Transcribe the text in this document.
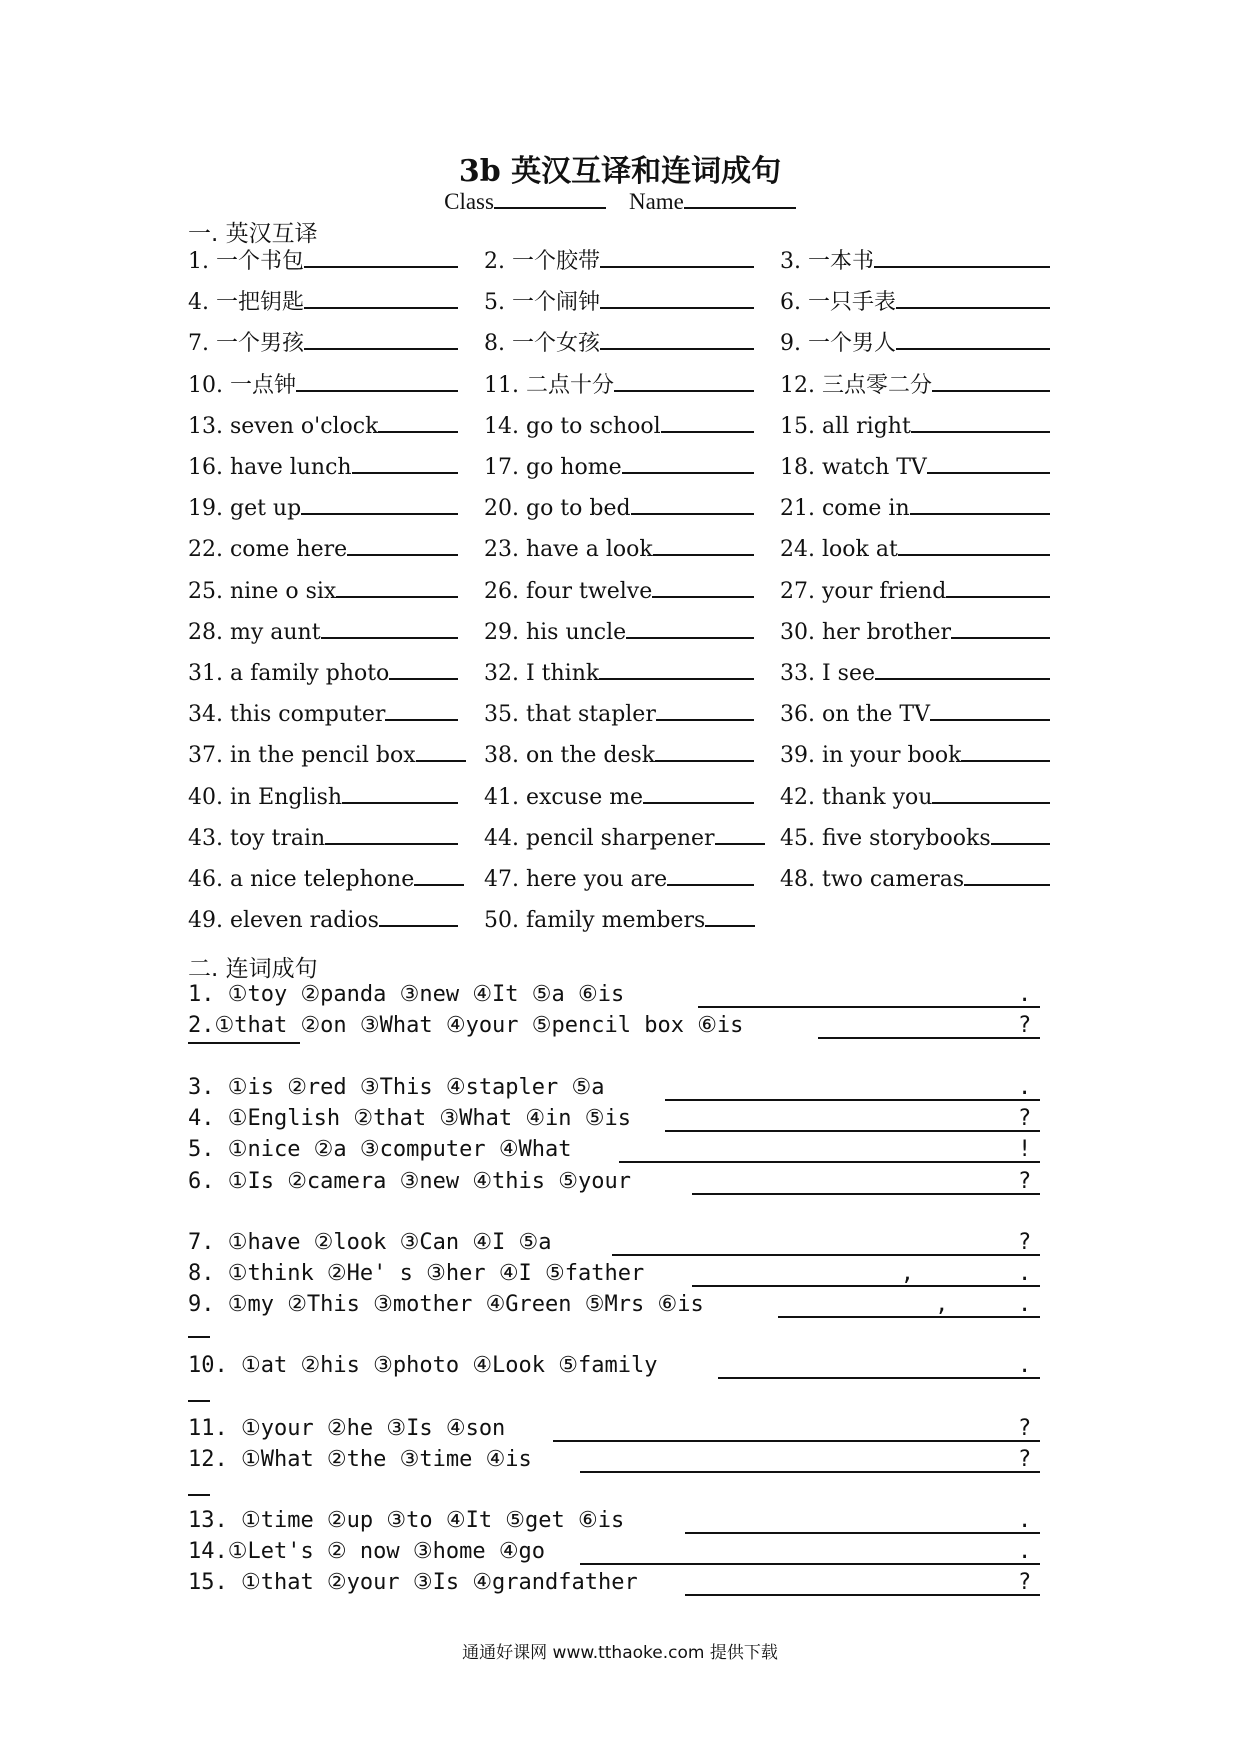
3b 英汉互译和连词成句
Class	Name
一. 英汉互译
1. 一个书包	2. 一个胶带	3. 一本书
4. 一把钥匙	5. 一个闹钟	6. 一只手表
7. 一个男孩	8. 一个女孩	9. 一个男人
10. 一点钟	11. 二点十分	12. 三点零二分
13. seven o'clock	14. go to school	15. all right
16. have lunch	17. go home	18. watch TV
19. get up	20. go to bed	21. come in
22. come here	23. have a look	24. look at
25. nine o six	26. four twelve	27. your friend
28. my aunt	29. his uncle	30. her brother
31. a family photo	32. I think	33. I see
34. this computer	35. that stapler	36. on the TV
37. in the pencil box	38. on the desk	39. in your book
40. in English	41. excuse me	42. thank you
43. toy train	44. pencil sharpener	45. five storybooks
46. a nice telephone	47. here you are	48. two cameras
49. eleven radios	50. family members
二. 连词成句
1. ①toy ②panda ③new ④It ⑤a ⑥is	.
2.①that ②on ③What ④your ⑤pencil box ⑥is	?
3. ①is ②red ③This ④stapler ⑤a	.
4. ①English ②that ③What ④in ⑤is	?
5. ①nice ②a ③computer ④What	!
6. ①Is ②camera ③new ④this ⑤your	?
7. ①have ②look ③Can ④I ⑤a	?
8. ①think ②He' s ③her ④I ⑤father	,	.
9. ①my ②This ③mother ④Green ⑤Mrs ⑥is	,	.
10. ①at ②his ③photo ④Look ⑤family	.
11. ①your ②he ③Is ④son	?
12. ①What ②the ③time ④is	?
13. ①time ②up ③to ④It ⑤get ⑥is	.
14.①Let's ② now ③home ④go	.
15. ①that ②your ③Is ④grandfather	?
通通好课网 www.tthaoke.com 提供下载
